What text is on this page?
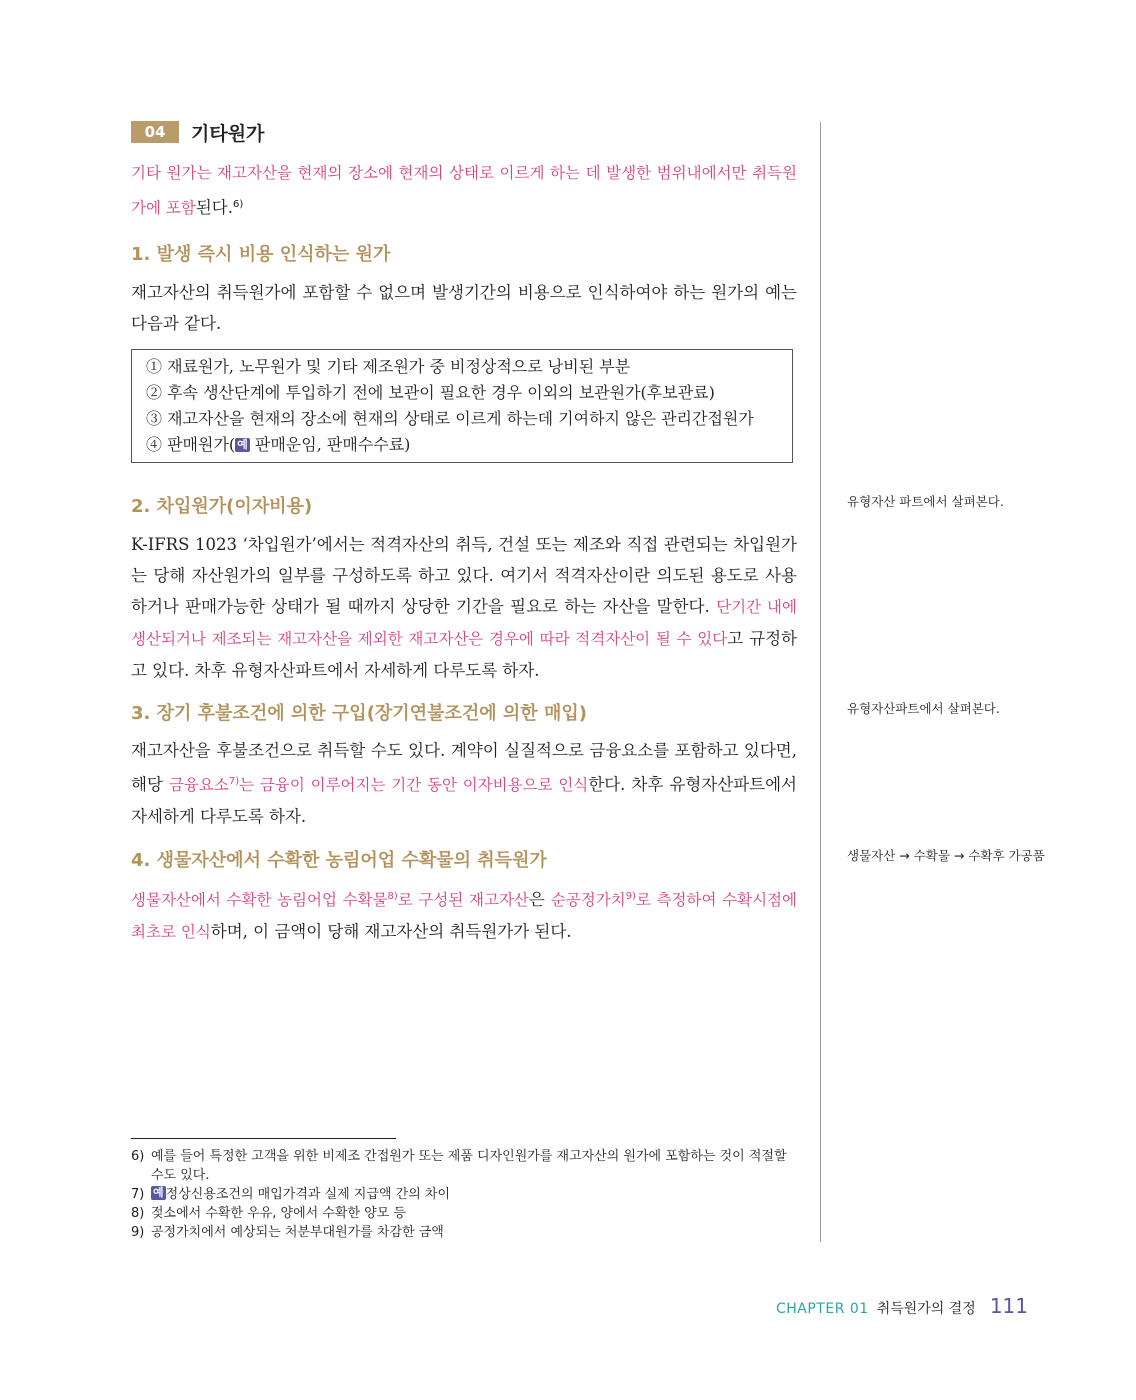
04	기타원가
기타 원가는 재고자산을 현재의 장소에 현재의 상태로 이르게 하는 데 발생한 범위내에서만 취득원가에 포함된다.$^{6)}$
1. 발생 즉시 비용 인식하는 원가
재고자산의 취득원가에 포함할 수 없으며 발생기간의 비용으로 인식하여야 하는 원가의 예는 다음과 같다.
① 재료원가, 노무원가 및 기타 제조원가 중 비정상적으로 낭비된 부분
② 후속 생산단계에 투입하기 전에 보관이 필요한 경우 이외의 보관원가(후보관료)
③ 재고자산을 현재의 장소에 현재의 상태로 이르게 하는데 기여하지 않은 관리간접원가
④ 판매원가( 예 판매운임, 판매수수료)
2. 차입원가(이자비용)	유형자산 파트에서 살펴본다.
K-IFRS 1023 ‘차입원가’에서는 적격자산의 취득, 건설 또는 제조와 직접 관련되는 차입원가는 당해 자산원가의 일부를 구성하도록 하고 있다. 여기서 적격자산이란 의도된 용도로 사용하거나 판매가능한 상태가 될 때까지 상당한 기간을 필요로 하는 자산을 말한다. 단기간 내에 생산되거나 제조되는 재고자산을 제외한 재고자산은 경우에 따라 적격자산이 될 수 있다고 규정하고 있다. 차후 유형자산파트에서 자세하게 다루도록 하자.
3. 장기 후불조건에 의한 구입(장기연불조건에 의한 매입)	유형자산파트에서 살펴본다.
재고자산을 후불조건으로 취득할 수도 있다. 계약이 실질적으로 금융요소를 포함하고 있다면, 해당 금융요소$^{7)}$는 금융이 이루어지는 기간 동안 이자비용으로 인식한다. 차후 유형자산파트에서 자세하게 다루도록 하자.
4. 생물자산에서 수확한 농림어업 수확물의 취득원가	생물자산 → 수확물 → 수확후 가공품
생물자산에서 수확한 농림어업 수확물$^{8)}$로 구성된 재고자산은 순공정가치$^{9)}$로 측정하여 수확시점에 최초로 인식하며, 이 금액이 당해 재고자산의 취득원가가 된다.
6) 예를 들어 특정한 고객을 위한 비제조 간접원가 또는 제품 디자인원가를 재고자산의 원가에 포함하는 것이 적절할 수도 있다.
7) 예 정상신용조건의 매입가격과 실제 지급액 간의 차이
8) 젖소에서 수확한 우유, 양에서 수확한 양모 등
9) 공정가치에서 예상되는 처분부대원가를 차감한 금액
CHAPTER 01 취득원가의 결정 111
